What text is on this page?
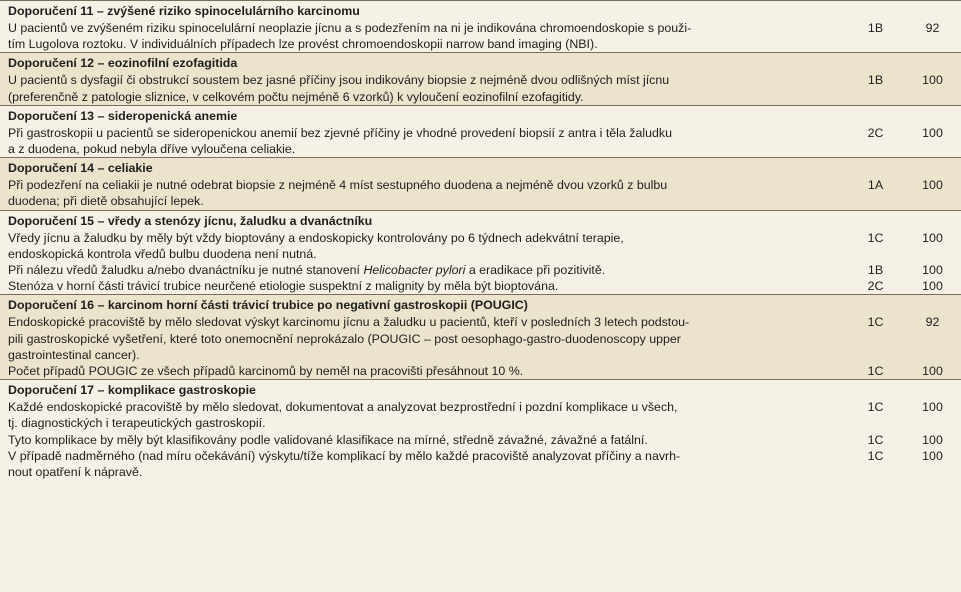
Doporučení 11 – zvýšené riziko spinocelulárního karcinomu
U pacientů ve zvýšeném riziku spinocelulární neoplazie jícnu a s podezřením na ni je indikována chromoendoskopie s použi-
tím Lugolova roztoku. V individuálních případech lze provést chromoendoskopii narrow band imaging (NBI).
1B	92
Doporučení 12 – eozinofilní ezofagitida
U pacientů s dysfagií či obstrukcí soustem bez jasné příčiny jsou indikovány biopsie z nejméně dvou odlišných míst jícnu
(preferenčně z patologie sliznice, v celkovém počtu nejméně 6 vzorků) k vyloučení eozinofilní ezofagitidy.
1B	100
Doporučení 13 – sideropenická anemie
Při gastroskopii u pacientů se sideropenickou anemií bez zjevné příčiny je vhodné provedení biopsií z antra i těla žaludku
a z duodena, pokud nebyla dříve vyloučena celiakie.
2C	100
Doporučení 14 – celiakie
Při podezření na celiakii je nutné odebrat biopsie z nejméně 4 míst sestupného duodena a nejméně dvou vzorků z bulbu
duodena; při dietě obsahující lepek.
1A	100
Doporučení 15 – vředy a stenózy jícnu, žaludku a dvanáctníku
Vředy jícnu a žaludku by měly být vždy bioptovány a endoskopicky kontrolovány po 6 týdnech adekvátní terapie,
endoskopická kontrola vředů bulbu duodena není nutná.
1C	100
Při nálezu vředů žaludku a/nebo dvanáctníku je nutné stanovení Helicobacter pylori a eradikace při pozitivitě.	1B	100
Stenóza v horní části trávicí trubice neurčené etiologie suspektní z malignity by měla být bioptována.	2C	100
Doporučení 16 – karcinom horní části trávicí trubice po negativní gastroskopii (POUGIC)
Endoskopické pracoviště by mělo sledovat výskyt karcinomu jícnu a žaludku u pacientů, kteří v posledních 3 letech podstou-
pili gastroskopické vyšetření, které toto onemocnění neprokázalo (POUGIC – post oesophago-gastro-duodenoscopy upper
gastrointestinal cancer).
1C	92
Počet případů POUGIC ze všech případů karcinomů by neměl na pracovišti přesáhnout 10 %.	1C	100
Doporučení 17 – komplikace gastroskopie
Každé endoskopické pracoviště by mělo sledovat, dokumentovat a analyzovat bezprostřední i pozdní komplikace u všech,
tj. diagnostických i terapeutických gastroskopií.
1C	100
Tyto komplikace by měly být klasifikovány podle validované klasifikace na mírné, středně závažné, závažné a fatální.	1C	100
V případě nadměrného (nad míru očekávání) výskytu/tíže komplikací by mělo každé pracoviště analyzovat příčiny a navrh-
nout opatření k nápravě.
1C	100
